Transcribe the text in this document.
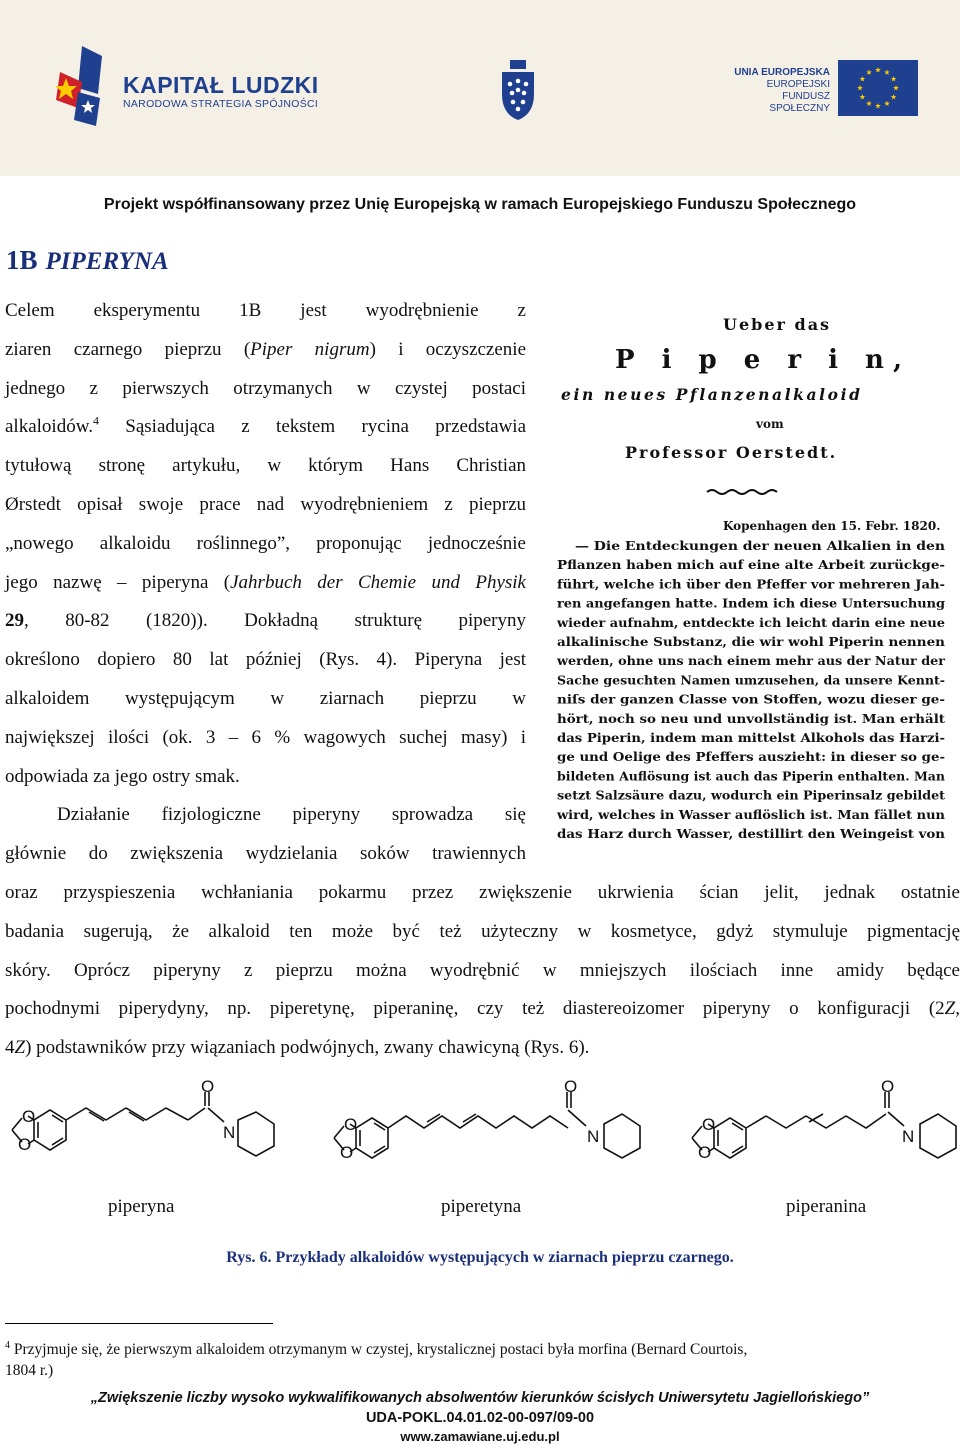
KAPITAŁ LUDZKI
NARODOWA STRATEGIA SPÓJNOŚCI
UNIA EUROPEJSKA
EUROPEJSKI
FUNDUSZ SPOŁECZNY
Projekt współfinansowany przez Unię Europejską w ramach Europejskiego Funduszu Społecznego
1B PIPERYNA
Celem eksperymentu 1B jest wyodrębnienie z
ziaren czarnego pieprzu (Piper nigrum) i oczyszczenie
jednego z pierwszych otrzymanych w czystej postaci
alkaloidów.$^4$ Sąsiadująca z tekstem rycina przedstawia
tytułową stronę artykułu, w którym Hans Christian
Ørstedt opisał swoje prace nad wyodrębnieniem z pieprzu
„nowego alkaloidu roślinnego”, proponując jednocześnie
jego nazwę – piperyna (Jahrbuch der Chemie und Physik
29, 80-82 (1820)). Dokładną strukturę piperyny
określono dopiero 80 lat później (Rys. 4). Piperyna jest
alkaloidem występującym w ziarnach pieprzu w
największej ilości (ok. 3 – 6 % wagowych suchej masy) i
odpowiada za jego ostry smak.
Działanie fizjologiczne piperyny sprowadza się
głównie do zwiększenia wydzielania soków trawiennych
oraz przyspieszenia wchłaniania pokarmu przez zwiększenie ukrwienia ścian jelit, jednak ostatnie
badania sugerują, że alkaloid ten może być też użyteczny w kosmetyce, gdyż stymuluje pigmentację
skóry. Oprócz piperyny z pieprzu można wyodrębnić w mniejszych ilościach inne amidy będące
pochodnymi piperydyny, np. piperetynę, piperaninę, czy też diastereoizomer piperyny o konfiguracji (2Z,
4Z) podstawników przy wiązaniach podwójnych, zwany chawicyną (Rys. 6).
Ueber das
P i p e r i n,
ein neues Pflanzenalkaloid
vom
Professor Oerstedt.
Kopenhagen den 15. Febr. 1820.
— Die Entdeckungen der neuen Alkalien in den
Pflanzen haben mich auf eine alte Arbeit zurückge-
führt, welche ich über den Pfeffer vor mehreren Jah-
ren angefangen hatte. Indem ich diese Untersuchung
wieder aufnahm, entdeckte ich leicht darin eine neue
alkalinische Substanz, die wir wohl Piperin nennen
werden, ohne uns nach einem mehr aus der Natur der
Sache gesuchten Namen umzusehen, da unsere Kennt-
niſs der ganzen Classe von Stoffen, wozu dieser ge-
hört, noch so neu und unvollständig ist. Man erhält
das Piperin, indem man mittelst Alkohols das Harzi-
ge und Oelige des Pfeffers auszieht: in dieser so ge-
bildeten Auflösung ist auch das Piperin enthalten. Man
setzt Salzsäure dazu, wodurch ein Piperinsalz gebildet
wird, welches in Wasser auflöslich ist. Man fället nun
das Harz durch Wasser, destillirt den Weingeist von
O
O
O
N	O
O
O
N
O
O
O
N
piperyna	piperetyna	piperanina
Rys. 6. Przykłady alkaloidów występujących w ziarnach pieprzu czarnego.
$^4$ Przyjmuje się, że pierwszym alkaloidem otrzymanym w czystej, krystalicznej postaci była morfina (Bernard Courtois,
1804 r.)
„Zwiększenie liczby wysoko wykwalifikowanych absolwentów kierunków ścisłych Uniwersytetu Jagiellońskiego”
UDA-POKL.04.01.02-00-097/09-00
www.zamawiane.uj.edu.pl
